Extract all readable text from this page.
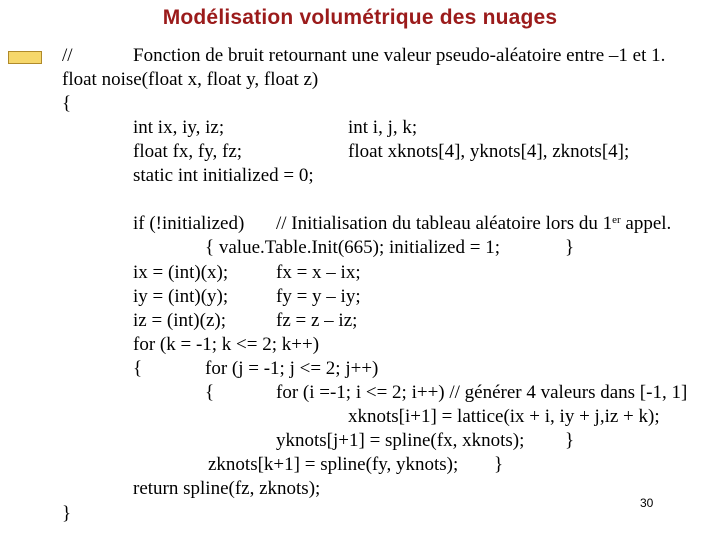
Modélisation volumétrique des nuages
//	Fonction de bruit retournant une valeur pseudo-aléatoire entre –1 et 1.
float noise(float x, float y, float z)
{
int ix, iy, iz;	int i, j, k;
float fx, fy, fz;	float xknots[4], yknots[4], zknots[4];
static int initialized = 0;
if (!initialized) // Initialisation du tableau aléatoire lors du 1er appel.
{ value.Table.Init(665); initialized = 1;	}
ix = (int)(x);	fx = x – ix;
iy = (int)(y);	fy = y – iy;
iz = (int)(z);	fz = z – iz;
for (k = -1; k <= 2; k++)
{	for (j = -1; j <= 2; j++)
{	for (i =-1; i <= 2; i++) // générer 4 valeurs dans [-1, 1]
xknots[i+1] = lattice(ix + i, iy + j,iz + k);
yknots[j+1] = spline(fx, xknots); }
zknots[k+1] = spline(fy, yknots); }
return spline(fz, zknots);
}	30
